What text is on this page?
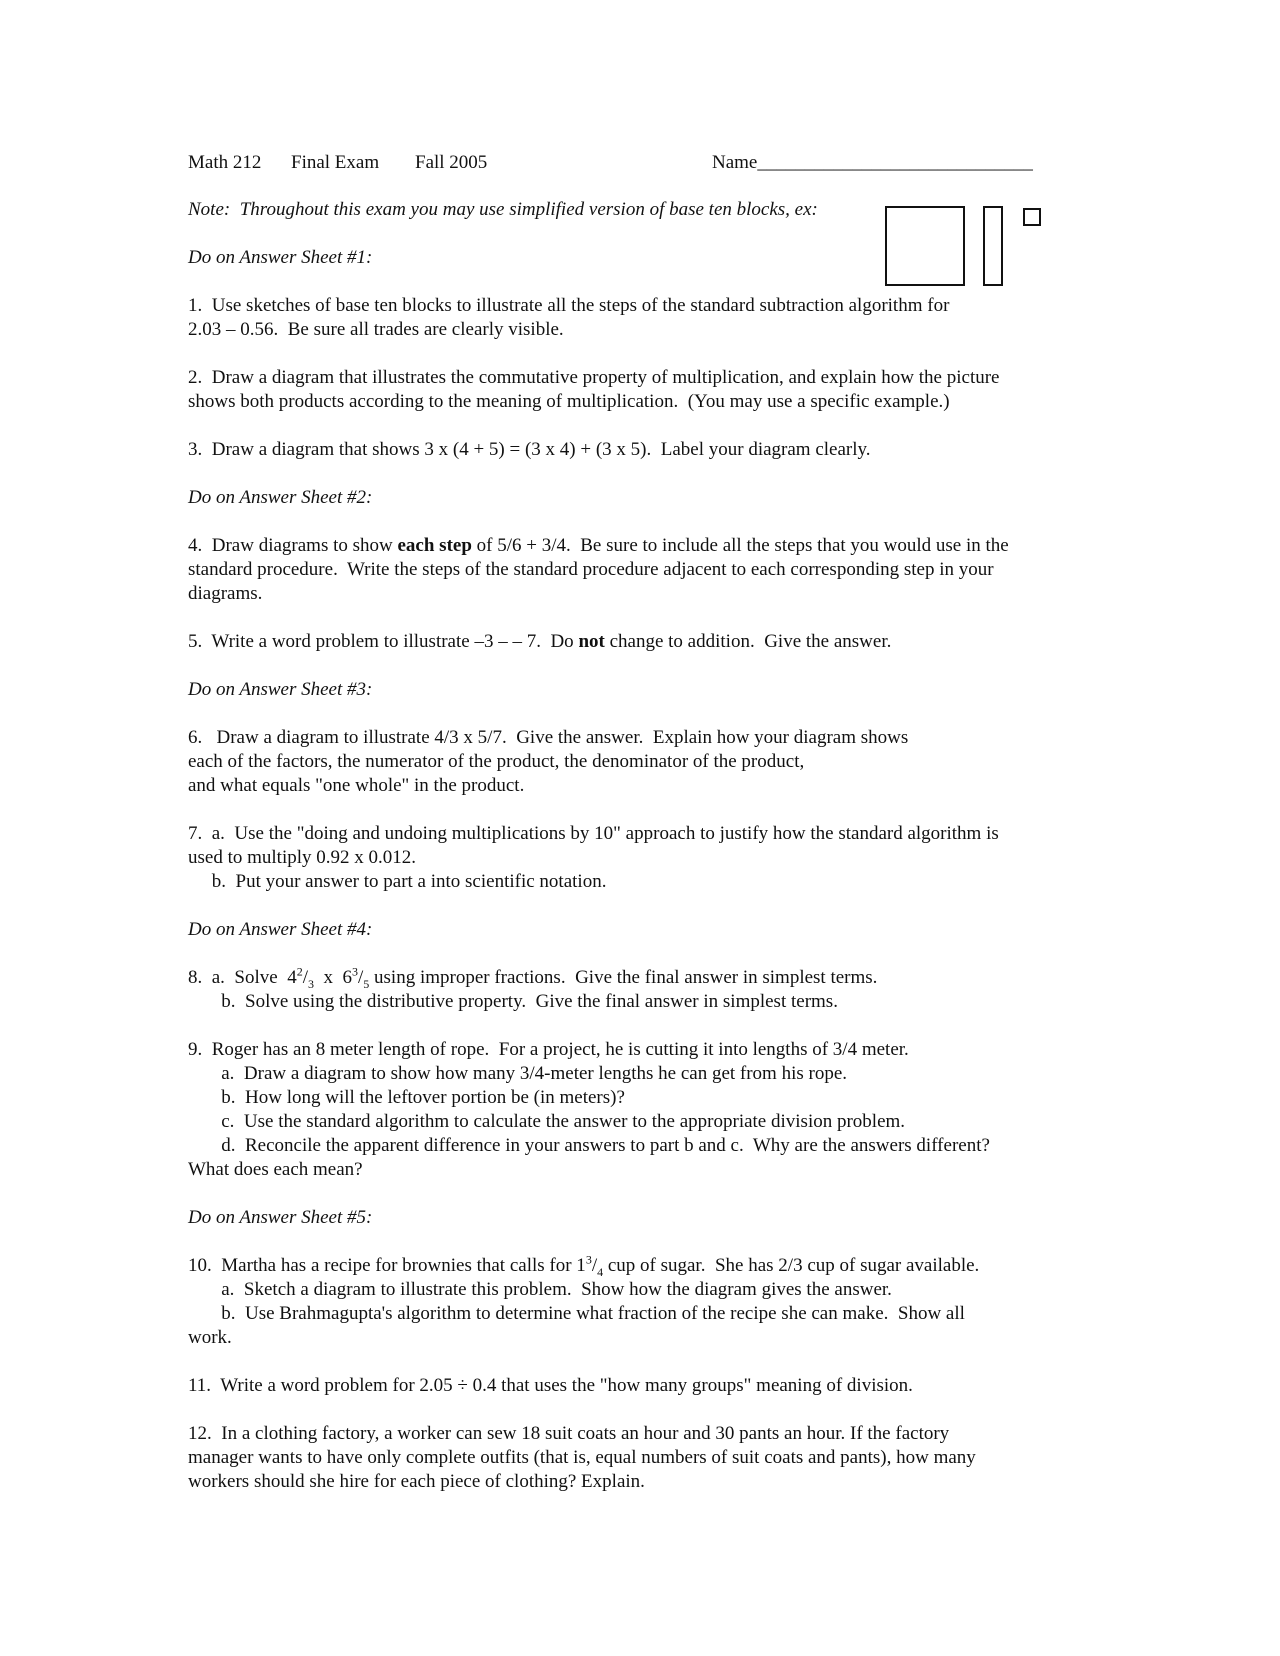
Math 212 Final Exam Fall 2005	Name_____________________________
Note:  Throughout this exam you may use simplified version of base ten blocks, ex:
Do on Answer Sheet #1:
1.  Use sketches of base ten blocks to illustrate all the steps of the standard subtraction algorithm for
2.03 – 0.56.  Be sure all trades are clearly visible.
2.  Draw a diagram that illustrates the commutative property of multiplication, and explain how the picture
shows both products according to the meaning of multiplication.  (You may use a specific example.)
3.  Draw a diagram that shows 3 x (4 + 5) = (3 x 4) + (3 x 5).  Label your diagram clearly.
Do on Answer Sheet #2:
4.  Draw diagrams to show each step of 5/6 + 3/4.  Be sure to include all the steps that you would use in the
standard procedure.  Write the steps of the standard procedure adjacent to each corresponding step in your
diagrams.
5.  Write a word problem to illustrate –3 – – 7.  Do not change to addition.  Give the answer.
Do on Answer Sheet #3:
6.   Draw a diagram to illustrate 4/3 x 5/7.  Give the answer.  Explain how your diagram shows
each of the factors, the numerator of the product, the denominator of the product,
and what equals "one whole" in the product.
7.  a.  Use the "doing and undoing multiplications by 10" approach to justify how the standard algorithm is
used to multiply 0.92 x 0.012.
b.  Put your answer to part a into scientific notation.
Do on Answer Sheet #4:
8.  a.  Solve  $4^2/_3$  x  $6^3/_5$ using improper fractions.  Give the final answer in simplest terms.
b.  Solve using the distributive property.  Give the final answer in simplest terms.
9.  Roger has an 8 meter length of rope.  For a project, he is cutting it into lengths of 3/4 meter.
a.  Draw a diagram to show how many 3/4-meter lengths he can get from his rope.
b.  How long will the leftover portion be (in meters)?
c.  Use the standard algorithm to calculate the answer to the appropriate division problem.
d.  Reconcile the apparent difference in your answers to part b and c.  Why are the answers different?
What does each mean?
Do on Answer Sheet #5:
10.  Martha has a recipe for brownies that calls for $1^3/_4$ cup of sugar.  She has 2/3 cup of sugar available.
a.  Sketch a diagram to illustrate this problem.  Show how the diagram gives the answer.
b.  Use Brahmagupta's algorithm to determine what fraction of the recipe she can make.  Show all
work.
11.  Write a word problem for 2.05 ÷ 0.4 that uses the "how many groups" meaning of division.
12.  In a clothing factory, a worker can sew 18 suit coats an hour and 30 pants an hour. If the factory
manager wants to have only complete outfits (that is, equal numbers of suit coats and pants), how many
workers should she hire for each piece of clothing? Explain.
